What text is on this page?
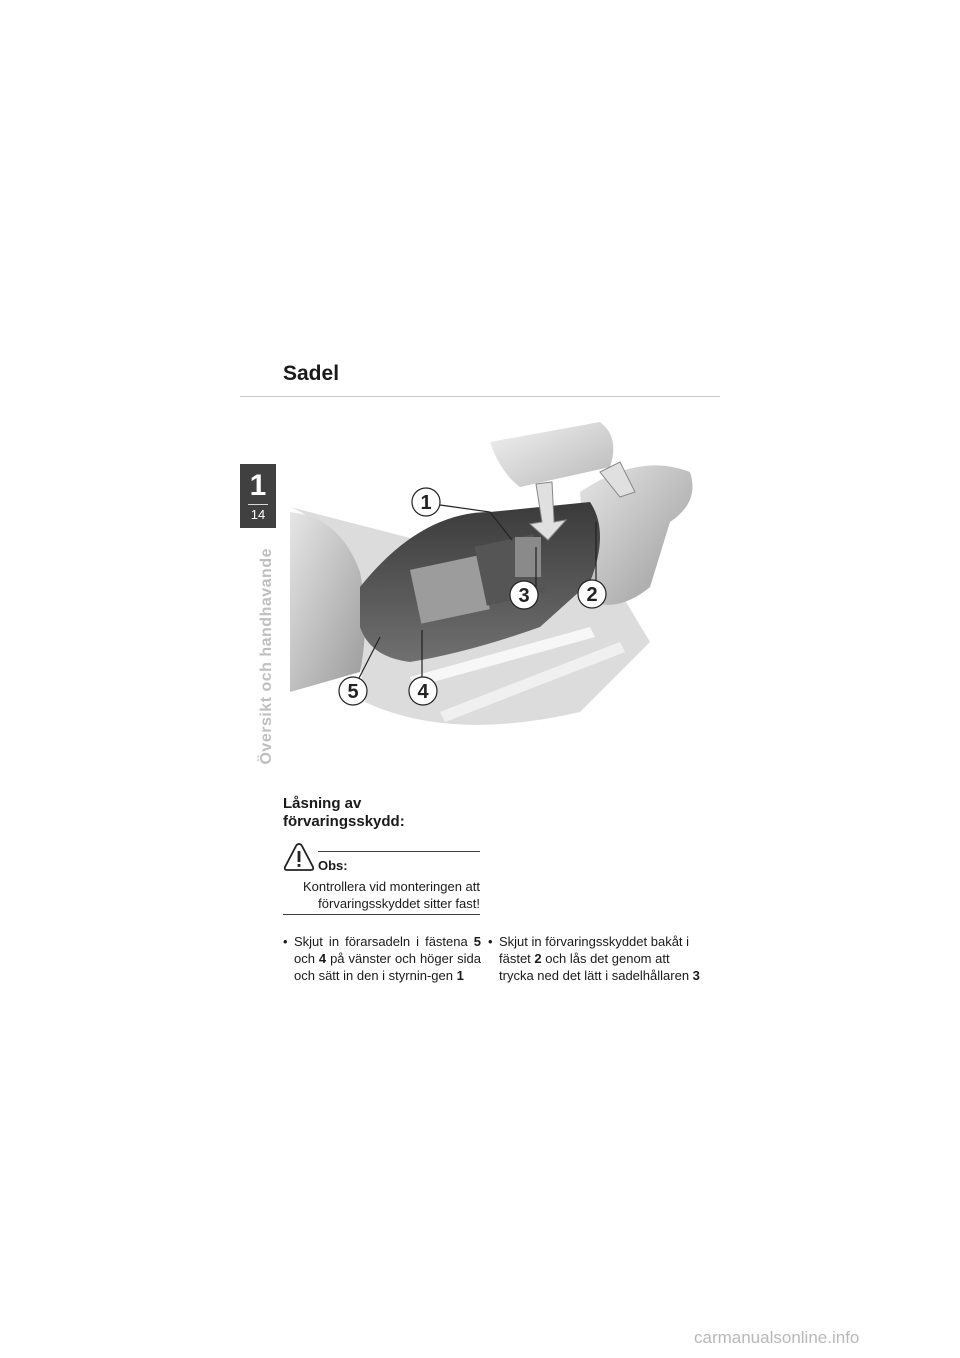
Sadel
1
14
Översikt och handhavande
1
2
3
4
5
Låsning av förvaringsskydd:
Obs:
Kontrollera vid monteringen att förvaringsskyddet sitter fast!
• Skjut in förarsadeln i fästena 5 och 4 på vänster och höger sida och sätt in den i styrnin-gen 1
• Skjut in förvaringsskyddet bakåt i fästet 2 och lås det genom att trycka ned det lätt i sadelhållaren 3
carmanualsonline.info
